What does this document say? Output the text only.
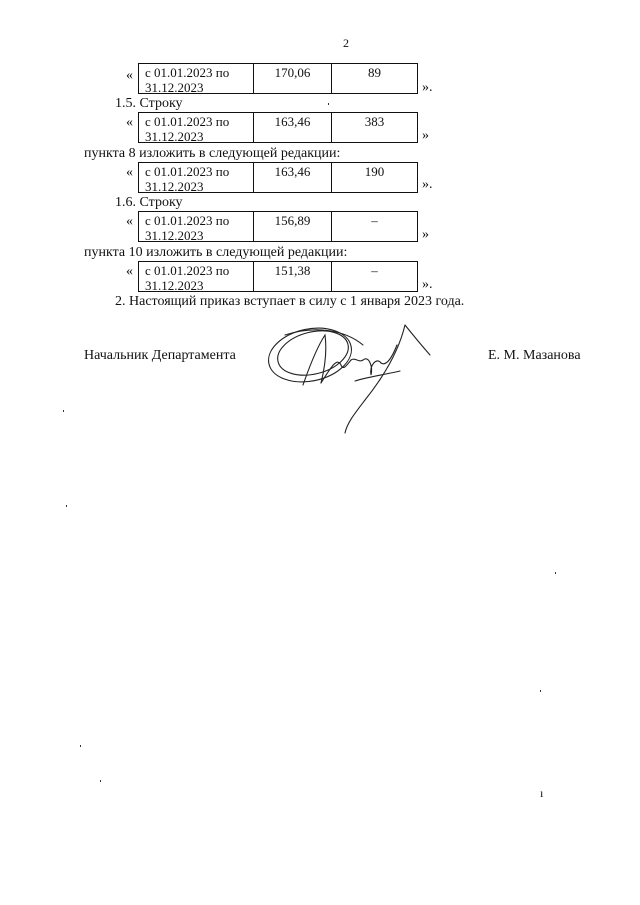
2
« с 01.01.2023 по
31.12.2023
170,06	89
».
1.5. Строку
« с 01.01.2023 по
31.12.2023
163,46	383
»
пункта 8 изложить в следующей редакции:
« с 01.01.2023 по
31.12.2023
163,46	190
».
1.6. Строку
« с 01.01.2023 по
31.12.2023
156,89	–
»
пункта 10 изложить в следующей редакции:
« с 01.01.2023 по
31.12.2023
151,38	–
».
2. Настоящий приказ вступает в силу с 1 января 2023 года.
Начальник Департамента	Е. М. Мазанова
ı
